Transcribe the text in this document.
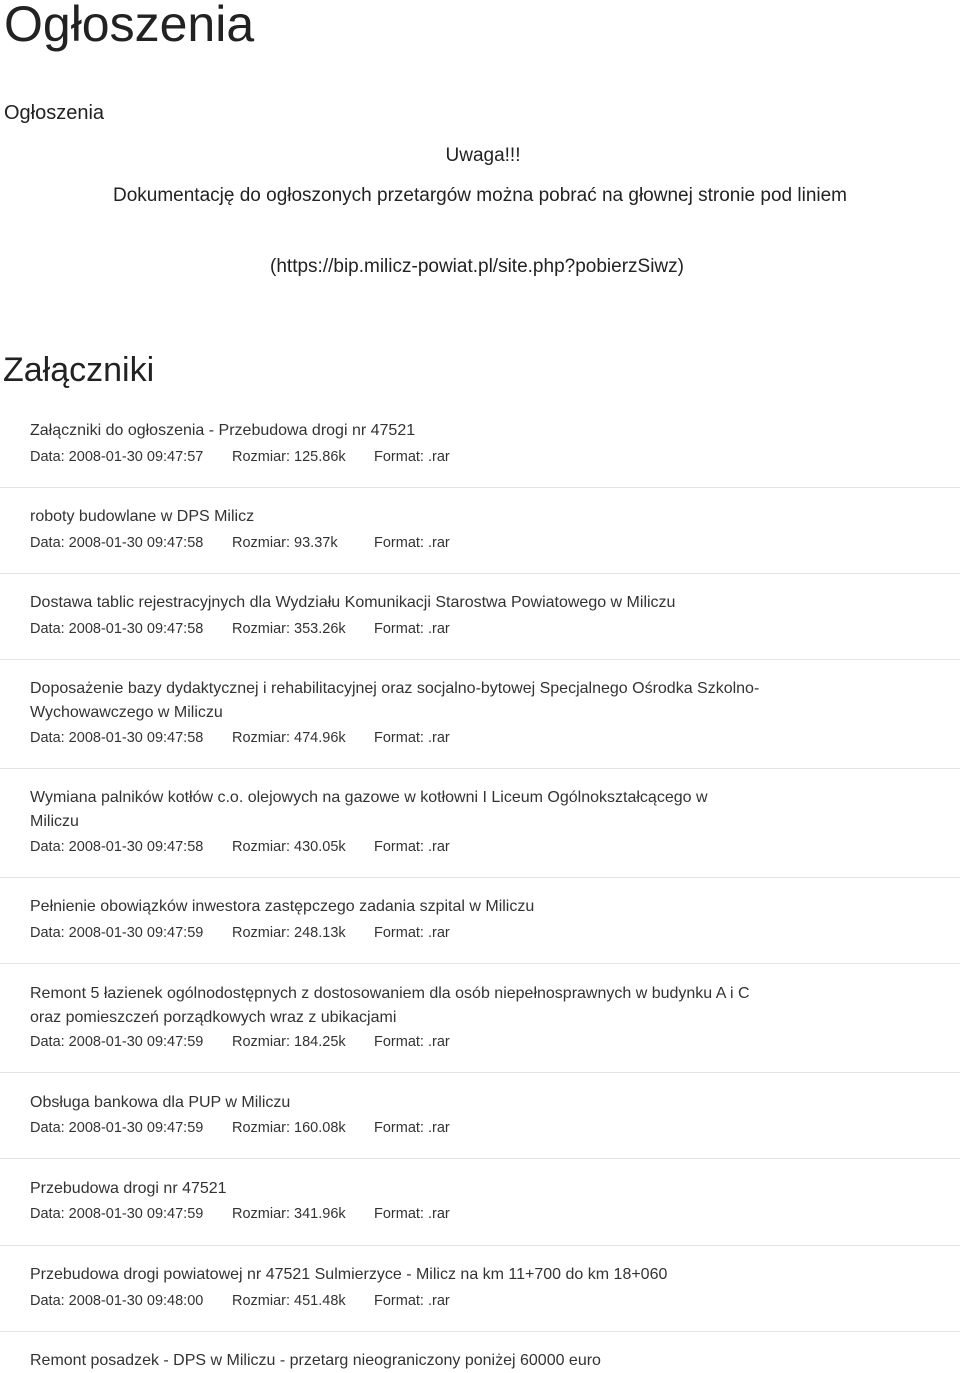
Ogłoszenia
Ogłoszenia
Uwaga!!!
Dokumentację do ogłoszonych przetargów można pobrać na głownej stronie pod liniem
(https://bip.milicz-powiat.pl/site.php?pobierzSiwz)
Załączniki
Załączniki do ogłoszenia - Przebudowa drogi nr 47521
Data: 2008-01-30 09:47:57 Rozmiar: 125.86k Format: .rar
roboty budowlane w DPS Milicz
Data: 2008-01-30 09:47:58 Rozmiar: 93.37k	Format: .rar
Dostawa tablic rejestracyjnych dla Wydziału Komunikacji Starostwa Powiatowego w Miliczu
Data: 2008-01-30 09:47:58 Rozmiar: 353.26k Format: .rar
Doposażenie bazy dydaktycznej i rehabilitacyjnej oraz socjalno-bytowej Specjalnego Ośrodka Szkolno-Wychowawczego w Miliczu
Data: 2008-01-30 09:47:58 Rozmiar: 474.96k Format: .rar
Wymiana palników kotłów c.o. olejowych na gazowe w kotłowni I Liceum Ogólnokształcącego w Miliczu
Data: 2008-01-30 09:47:58 Rozmiar: 430.05k Format: .rar
Pełnienie obowiązków inwestora zastępczego zadania szpital w Miliczu
Data: 2008-01-30 09:47:59 Rozmiar: 248.13k Format: .rar
Remont 5 łazienek ogólnodostępnych z dostosowaniem dla osób niepełnosprawnych w budynku A i C oraz pomieszczeń porządkowych wraz z ubikacjami
Data: 2008-01-30 09:47:59 Rozmiar: 184.25k Format: .rar
Obsługa bankowa dla PUP w Miliczu
Data: 2008-01-30 09:47:59 Rozmiar: 160.08k Format: .rar
Przebudowa drogi nr 47521
Data: 2008-01-30 09:47:59 Rozmiar: 341.96k Format: .rar
Przebudowa drogi powiatowej nr 47521 Sulmierzyce - Milicz na km 11+700 do km 18+060
Data: 2008-01-30 09:48:00 Rozmiar: 451.48k Format: .rar
Remont posadzek - DPS w Miliczu - przetarg nieograniczony poniżej 60000 euro
